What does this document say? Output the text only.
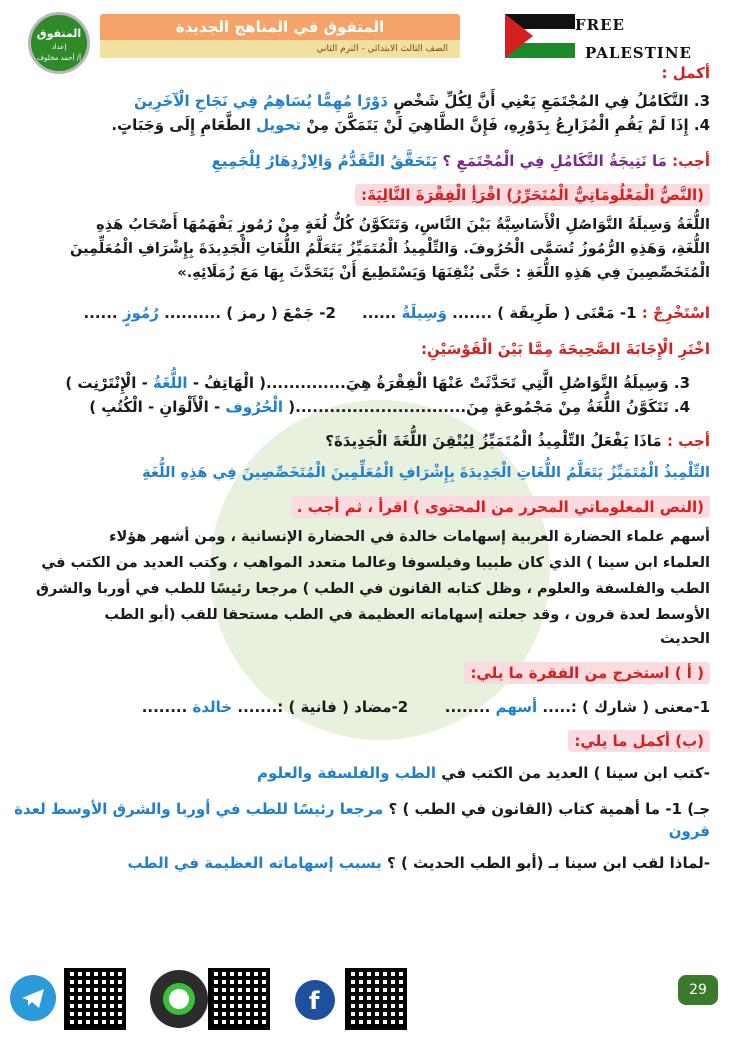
المتفوق
إعداد
أ/ أحمد مخلوف
المتفوق في المناهج الجديدة
الصف الثالث الابتدائي - الترم الثاني
FREE
PALESTINE
أكمل :
3. التَّكَامُلُ فِي المُجْتَمَعِ يَعْنِي أَنَّ لِكُلِّ شَخْصٍ دَوْرًا مُهِمًّا يُسَاهِمُ فِي نَجَاحِ الْآخَرِينَ
4. إِذَا لَمْ يَقُمِ الْمُزَارِعُ بِدَوْرِهِ، فَإِنَّ الطَّاهِيَ لَنْ يَتَمَكَّنَ مِنْ تحويل الطَّعَامِ إِلَى وَجَبَاتٍ.
أجب: مَا نَتِيجَةُ التَّكَامُلِ فِي الْمُجْتَمَعِ ؟ يَتَحَقَّقُ التَّقَدُّمُ وَالِازْدِهَارُ لِلْجَمِيعِ
(النَّصُّ الْمَعْلُومَاتِيُّ الْمُتَحَرِّرُ) اقْرَأِ الْفِقْرَةَ التَّالِيَةَ:
اللُّغَةُ وَسِيلَةُ التَّوَاصُلِ الْأَسَاسِيَّةُ بَيْنَ النَّاسِ، وَتَتَكَوَّنُ كُلُّ لُغَةٍ مِنْ رُمُوزٍ يَفْهَمُهَا أَصْحَابُ هَذِهِ
اللُّغَةِ، وَهَذِهِ الرُّمُوزُ تُسَمَّى الْحُرُوفَ. وَالتِّلْمِيذُ الْمُتَمَيِّزُ يَتَعَلَّمُ اللُّغَاتِ الْجَدِيدَةَ بِإِشْرَافِ الْمُعَلِّمِينَ
الْمُتَخَصِّصِينَ فِي هَذِهِ اللُّغَةِ : حَتَّى يُتْقِنَهَا وَيَسْتَطِيعَ أَنْ يَتَحَدَّثَ بِهَا مَعَ زُمَلَائِهِ.»
اسْتَخْرِجْ : 1- مَعْنَى ( طَرِيقَة ) ....... وَسِيلَةُ ......     2- جَمْعَ ( رمز ) .......... رُمُوزٍ ......
اخْتَرِ الْإِجَابَةَ الصَّحِيحَةَ مِمَّا بَيْنَ الْقَوْسَيْنِ:
3. وَسِيلَةُ التَّوَاصُلِ الَّتِي تَحَدَّثَتْ عَنْهَا الْفِقْرَةُ هِيَ..............( الْهَاتِفُ - اللُّغَةُ - الْإِنْتَرْنِت )
4. تَتَكَوَّنُ اللُّغَةُ مِنْ مَجْمُوعَةٍ مِنَ..............................( الْحُرُوف - الْأَلْوَانِ - الْكُتُبِ )
أجب : مَاذَا يَفْعَلُ التِّلْمِيذُ الْمُتَمَيِّزُ لِيُتْقِنَ اللُّغَةَ الْجَدِيدَةَ؟
التِّلْمِيذُ الْمُتَمَيِّزُ يَتَعَلَّمُ اللُّغَاتِ الْجَدِيدَةَ بِإِشْرَافِ الْمُعَلِّمِينَ الْمُتَخَصِّصِينَ فِي هَذِهِ اللُّغَةِ
(النص المعلوماتي المحرر من المحتوى ) اقرأ ، ثم أجب .
أسهم علماء الحضارة العربية إسهامات خالدة في الحضارة الإنسانية ، ومن أشهر هؤلاء
العلماء ابن سينا ) الذي كان طبيبا وفيلسوفا وعالما متعدد المواهب ، وكتب العديد من الكتب في
الطب والفلسفة والعلوم ، وظل كتابه القانون في الطب ) مرجعا رئيسًا للطب في أوربا والشرق
الأوسط لعدة قرون ، وقد جعلته إسهاماته العظيمة في الطب مستحقا للقب (أبو الطب
الحديث
( أ ) استخرج من الفقرة ما يلي:
1-معنى ( شارك ) :..... أسهم ........       2-مضاد ( فانية ) :....... خالدة ........
(ب) أكمل ما يلي:
-كتب ابن سينا ) العديد من الكتب في الطب والفلسفة والعلوم
جـ) 1- ما أهمية كتاب (القانون في الطب ) ؟ مرجعا رئيسًا للطب في أوربا والشرق الأوسط لعدة
قرون
-لماذا لقب ابن سينا بـ (أبو الطب الحديث ) ؟ بسبب إسهاماته العظيمة في الطب
f	29
